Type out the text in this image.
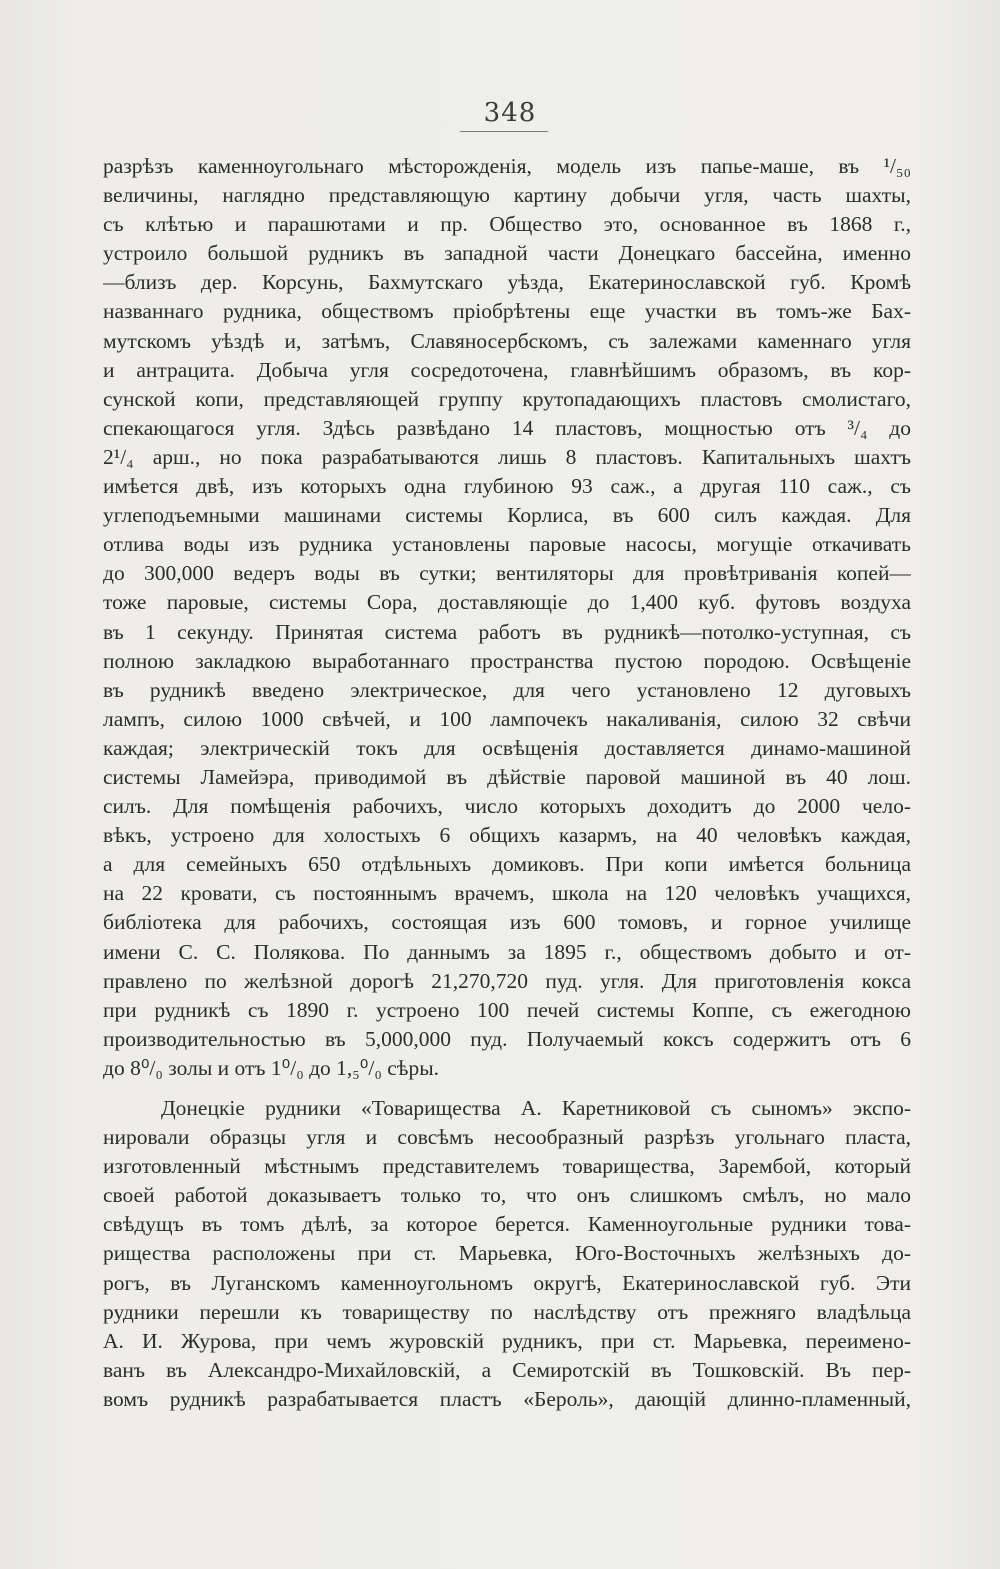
348
разрѣзъ каменноугольнаго мѣсторожденія, модель изъ папье-маше, въ ¹/₅₀
величины, наглядно представляющую картину добычи угля, часть шахты,
съ клѣтью и парашютами и пр. Общество это, основанное въ 1868 г.,
устроило большой рудникъ въ западной части Донецкаго бассейна, именно
—близъ дер. Корсунь, Бахмутскаго уѣзда, Екатеринославской губ. Кромѣ
названнаго рудника, обществомъ пріобрѣтены еще участки въ томъ-же Бах-
мутскомъ уѣздѣ и, затѣмъ, Славяносербскомъ, съ залежами каменнаго угля
и антрацита. Добыча угля сосредоточена, главнѣйшимъ образомъ, въ кор-
сунской копи, представляющей группу крутопадающихъ пластовъ смолистаго,
спекающагося угля. Здѣсь развѣдано 14 пластовъ, мощностью отъ ³/₄ до
2¹/₄ арш., но пока разрабатываются лишь 8 пластовъ. Капитальныхъ шахтъ
имѣется двѣ, изъ которыхъ одна глубиною 93 саж., а другая 110 саж., съ
углеподъемными машинами системы Корлиса, въ 600 силъ каждая. Для
отлива воды изъ рудника установлены паровые насосы, могущіе откачивать
до 300,000 ведеръ воды въ сутки; вентиляторы для провѣтриванія копей—
тоже паровые, системы Сора, доставляющіе до 1,400 куб. футовъ воздуха
въ 1 секунду. Принятая система работъ въ рудникѣ—потолко-уступная, съ
полною закладкою выработаннаго пространства пустою породою. Освѣщеніе
въ рудникѣ введено электрическое, для чего установлено 12 дуговыхъ
лампъ, силою 1000 свѣчей, и 100 лампочекъ накаливанія, силою 32 свѣчи
каждая; электрическій токъ для освѣщенія доставляется динамо-машиной
системы Ламейэра, приводимой въ дѣйствіе паровой машиной въ 40 лош.
силъ. Для помѣщенія рабочихъ, число которыхъ доходитъ до 2000 чело-
вѣкъ, устроено для холостыхъ 6 общихъ казармъ, на 40 человѣкъ каждая,
а для семейныхъ 650 отдѣльныхъ домиковъ. При копи имѣется больница
на 22 кровати, съ постояннымъ врачемъ, школа на 120 человѣкъ учащихся,
библіотека для рабочихъ, состоящая изъ 600 томовъ, и горное училище
имени С. С. Полякова. По даннымъ за 1895 г., обществомъ добыто и от-
правлено по желѣзной дорогѣ 21,270,720 пуд. угля. Для приготовленія кокса
при рудникѣ съ 1890 г. устроено 100 печей системы Коппе, съ ежегодною
производительностью въ 5,000,000 пуд. Получаемый коксъ содержитъ отъ 6
до 8⁰/₀ золы и отъ 1⁰/₀ до 1,₅⁰/₀ сѣры.
Донецкіе рудники «Товарищества А. Каретниковой съ сыномъ» экспо-
нировали образцы угля и совсѣмъ несообразный разрѣзъ угольнаго пласта,
изготовленный мѣстнымъ представителемъ товарищества, Зарембой, который
своей работой доказываетъ только то, что онъ слишкомъ смѣлъ, но мало
свѣдущъ въ томъ дѣлѣ, за которое берется. Каменноугольные рудники това-
рищества расположены при ст. Марьевка, Юго-Восточныхъ желѣзныхъ до-
рогъ, въ Луганскомъ каменноугольномъ округѣ, Екатеринославской губ. Эти
рудники перешли къ товариществу по наслѣдству отъ прежняго владѣльца
А. И. Журова, при чемъ журовскій рудникъ, при ст. Марьевка, переимено-
ванъ въ Александро-Михайловскій, а Семиротскій въ Тошковскій. Въ пер-
вомъ рудникѣ разрабатывается пластъ «Бероль», дающій длинно-пламенный,
